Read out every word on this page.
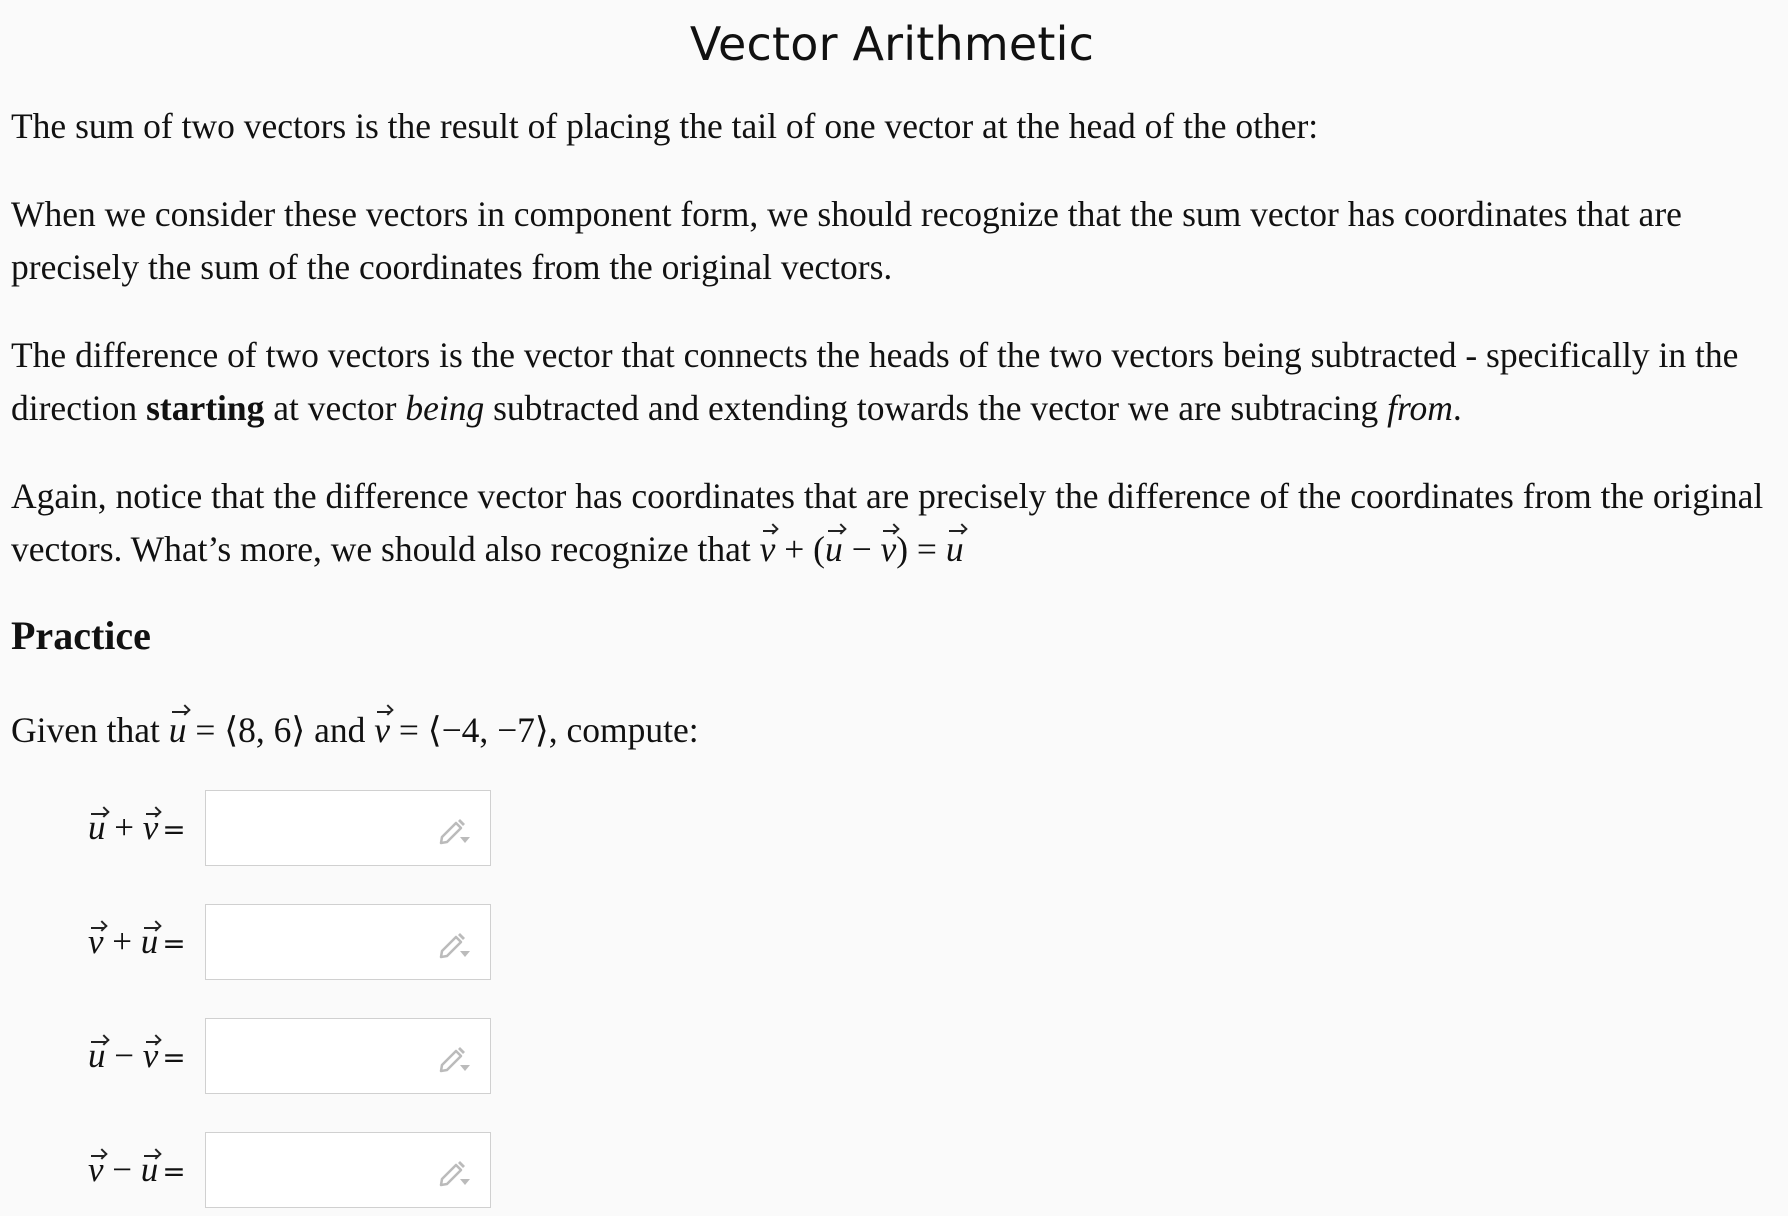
Vector Arithmetic

The sum of two vectors is the result of placing the tail of one vector at the head of the other:

When we consider these vectors in component form, we should recognize that the sum vector has coordinates that are precisely the sum of the coordinates from the original vectors.

The difference of two vectors is the vector that connects the heads of the two vectors being subtracted - specifically in the direction starting at vector being subtracted and extending towards the vector we are subtracing from.

Again, notice that the difference vector has coordinates that are precisely the difference of the coordinates from the original vectors. What’s more, we should also recognize that v + (u − v) = u

Practice

Given that u = ⟨8, 6⟩ and v = ⟨−4, −7⟩, compute:

u + v =
v + u =
u − v =
v − u =
